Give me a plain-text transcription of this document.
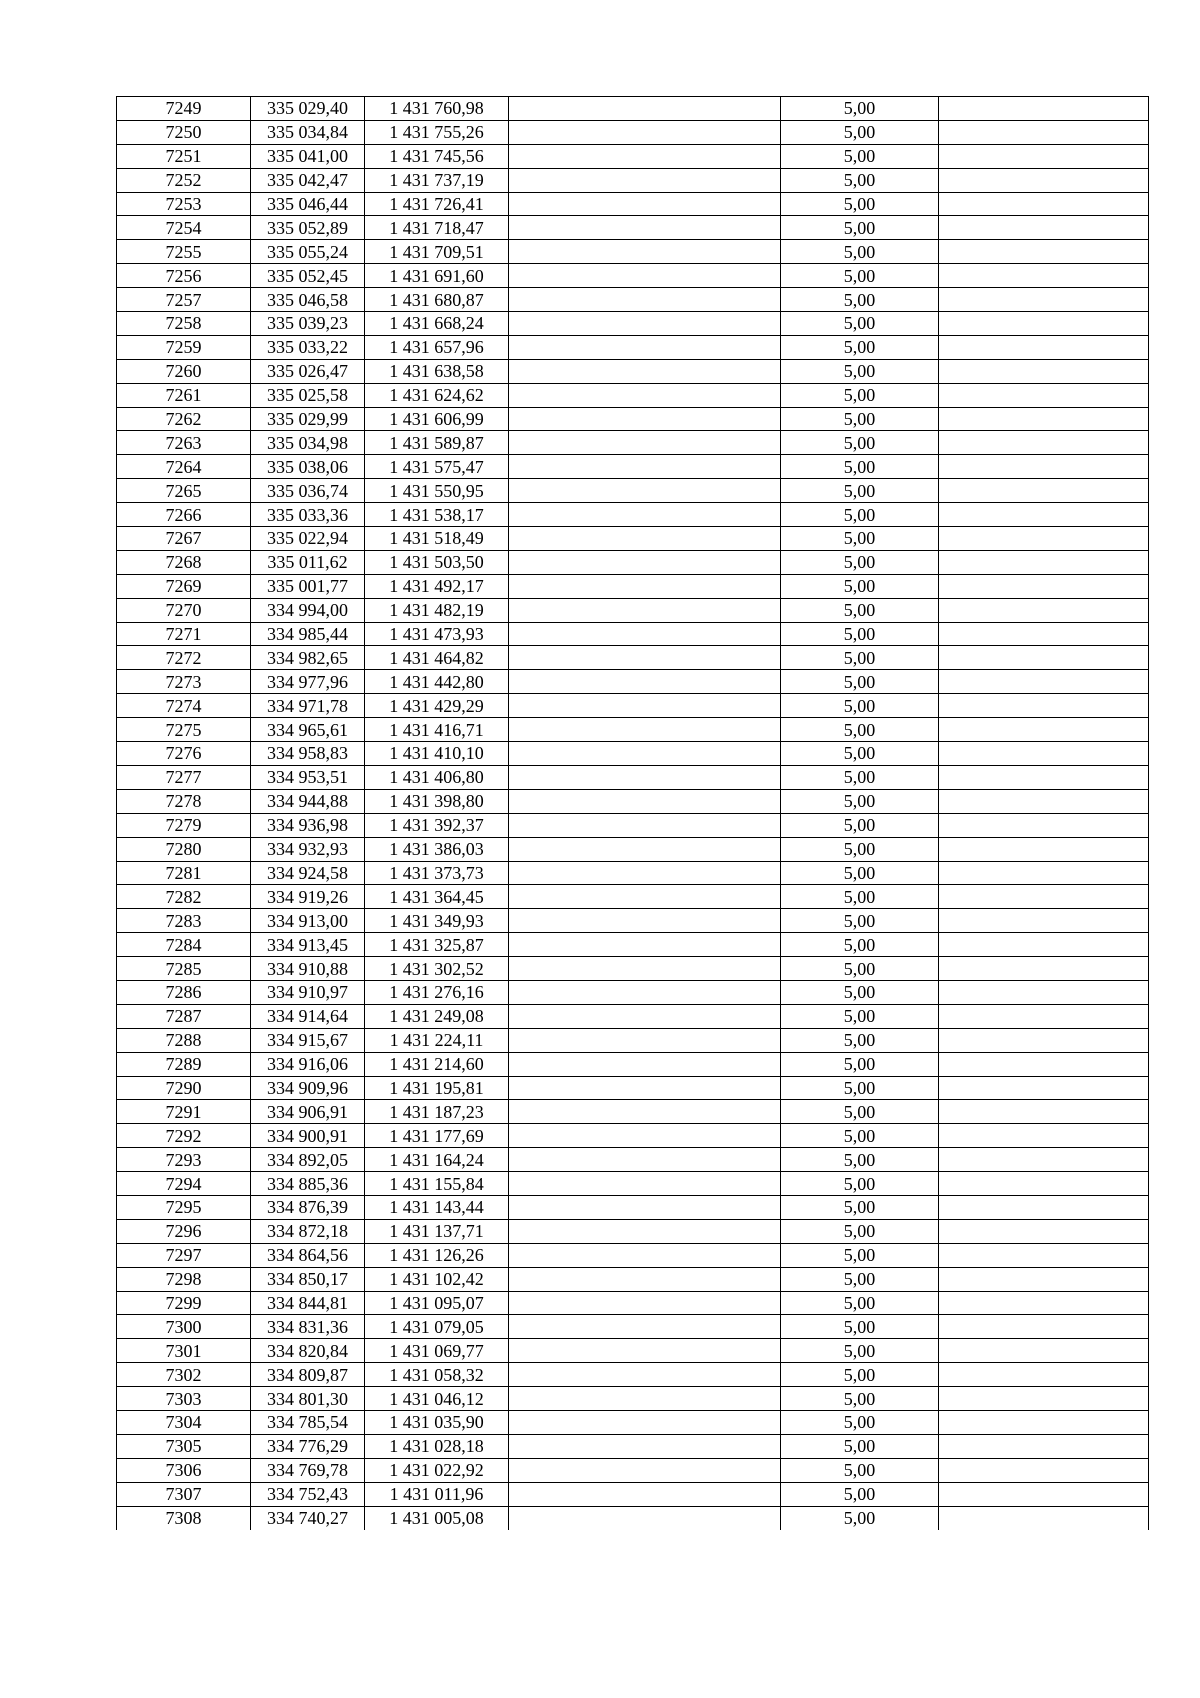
7249	335 029,40	1 431 760,98		5,00	
7250	335 034,84	1 431 755,26		5,00	
7251	335 041,00	1 431 745,56		5,00	
7252	335 042,47	1 431 737,19		5,00	
7253	335 046,44	1 431 726,41		5,00	
7254	335 052,89	1 431 718,47		5,00	
7255	335 055,24	1 431 709,51		5,00	
7256	335 052,45	1 431 691,60		5,00	
7257	335 046,58	1 431 680,87		5,00	
7258	335 039,23	1 431 668,24		5,00	
7259	335 033,22	1 431 657,96		5,00	
7260	335 026,47	1 431 638,58		5,00	
7261	335 025,58	1 431 624,62		5,00	
7262	335 029,99	1 431 606,99		5,00	
7263	335 034,98	1 431 589,87		5,00	
7264	335 038,06	1 431 575,47		5,00	
7265	335 036,74	1 431 550,95		5,00	
7266	335 033,36	1 431 538,17		5,00	
7267	335 022,94	1 431 518,49		5,00	
7268	335 011,62	1 431 503,50		5,00	
7269	335 001,77	1 431 492,17		5,00	
7270	334 994,00	1 431 482,19		5,00	
7271	334 985,44	1 431 473,93		5,00	
7272	334 982,65	1 431 464,82		5,00	
7273	334 977,96	1 431 442,80		5,00	
7274	334 971,78	1 431 429,29		5,00	
7275	334 965,61	1 431 416,71		5,00	
7276	334 958,83	1 431 410,10		5,00	
7277	334 953,51	1 431 406,80		5,00	
7278	334 944,88	1 431 398,80		5,00	
7279	334 936,98	1 431 392,37		5,00	
7280	334 932,93	1 431 386,03		5,00	
7281	334 924,58	1 431 373,73		5,00	
7282	334 919,26	1 431 364,45		5,00	
7283	334 913,00	1 431 349,93		5,00	
7284	334 913,45	1 431 325,87		5,00	
7285	334 910,88	1 431 302,52		5,00	
7286	334 910,97	1 431 276,16		5,00	
7287	334 914,64	1 431 249,08		5,00	
7288	334 915,67	1 431 224,11		5,00	
7289	334 916,06	1 431 214,60		5,00	
7290	334 909,96	1 431 195,81		5,00	
7291	334 906,91	1 431 187,23		5,00	
7292	334 900,91	1 431 177,69		5,00	
7293	334 892,05	1 431 164,24		5,00	
7294	334 885,36	1 431 155,84		5,00	
7295	334 876,39	1 431 143,44		5,00	
7296	334 872,18	1 431 137,71		5,00	
7297	334 864,56	1 431 126,26		5,00	
7298	334 850,17	1 431 102,42		5,00	
7299	334 844,81	1 431 095,07		5,00	
7300	334 831,36	1 431 079,05		5,00	
7301	334 820,84	1 431 069,77		5,00	
7302	334 809,87	1 431 058,32		5,00	
7303	334 801,30	1 431 046,12		5,00	
7304	334 785,54	1 431 035,90		5,00	
7305	334 776,29	1 431 028,18		5,00	
7306	334 769,78	1 431 022,92		5,00	
7307	334 752,43	1 431 011,96		5,00	
7308	334 740,27	1 431 005,08		5,00	
